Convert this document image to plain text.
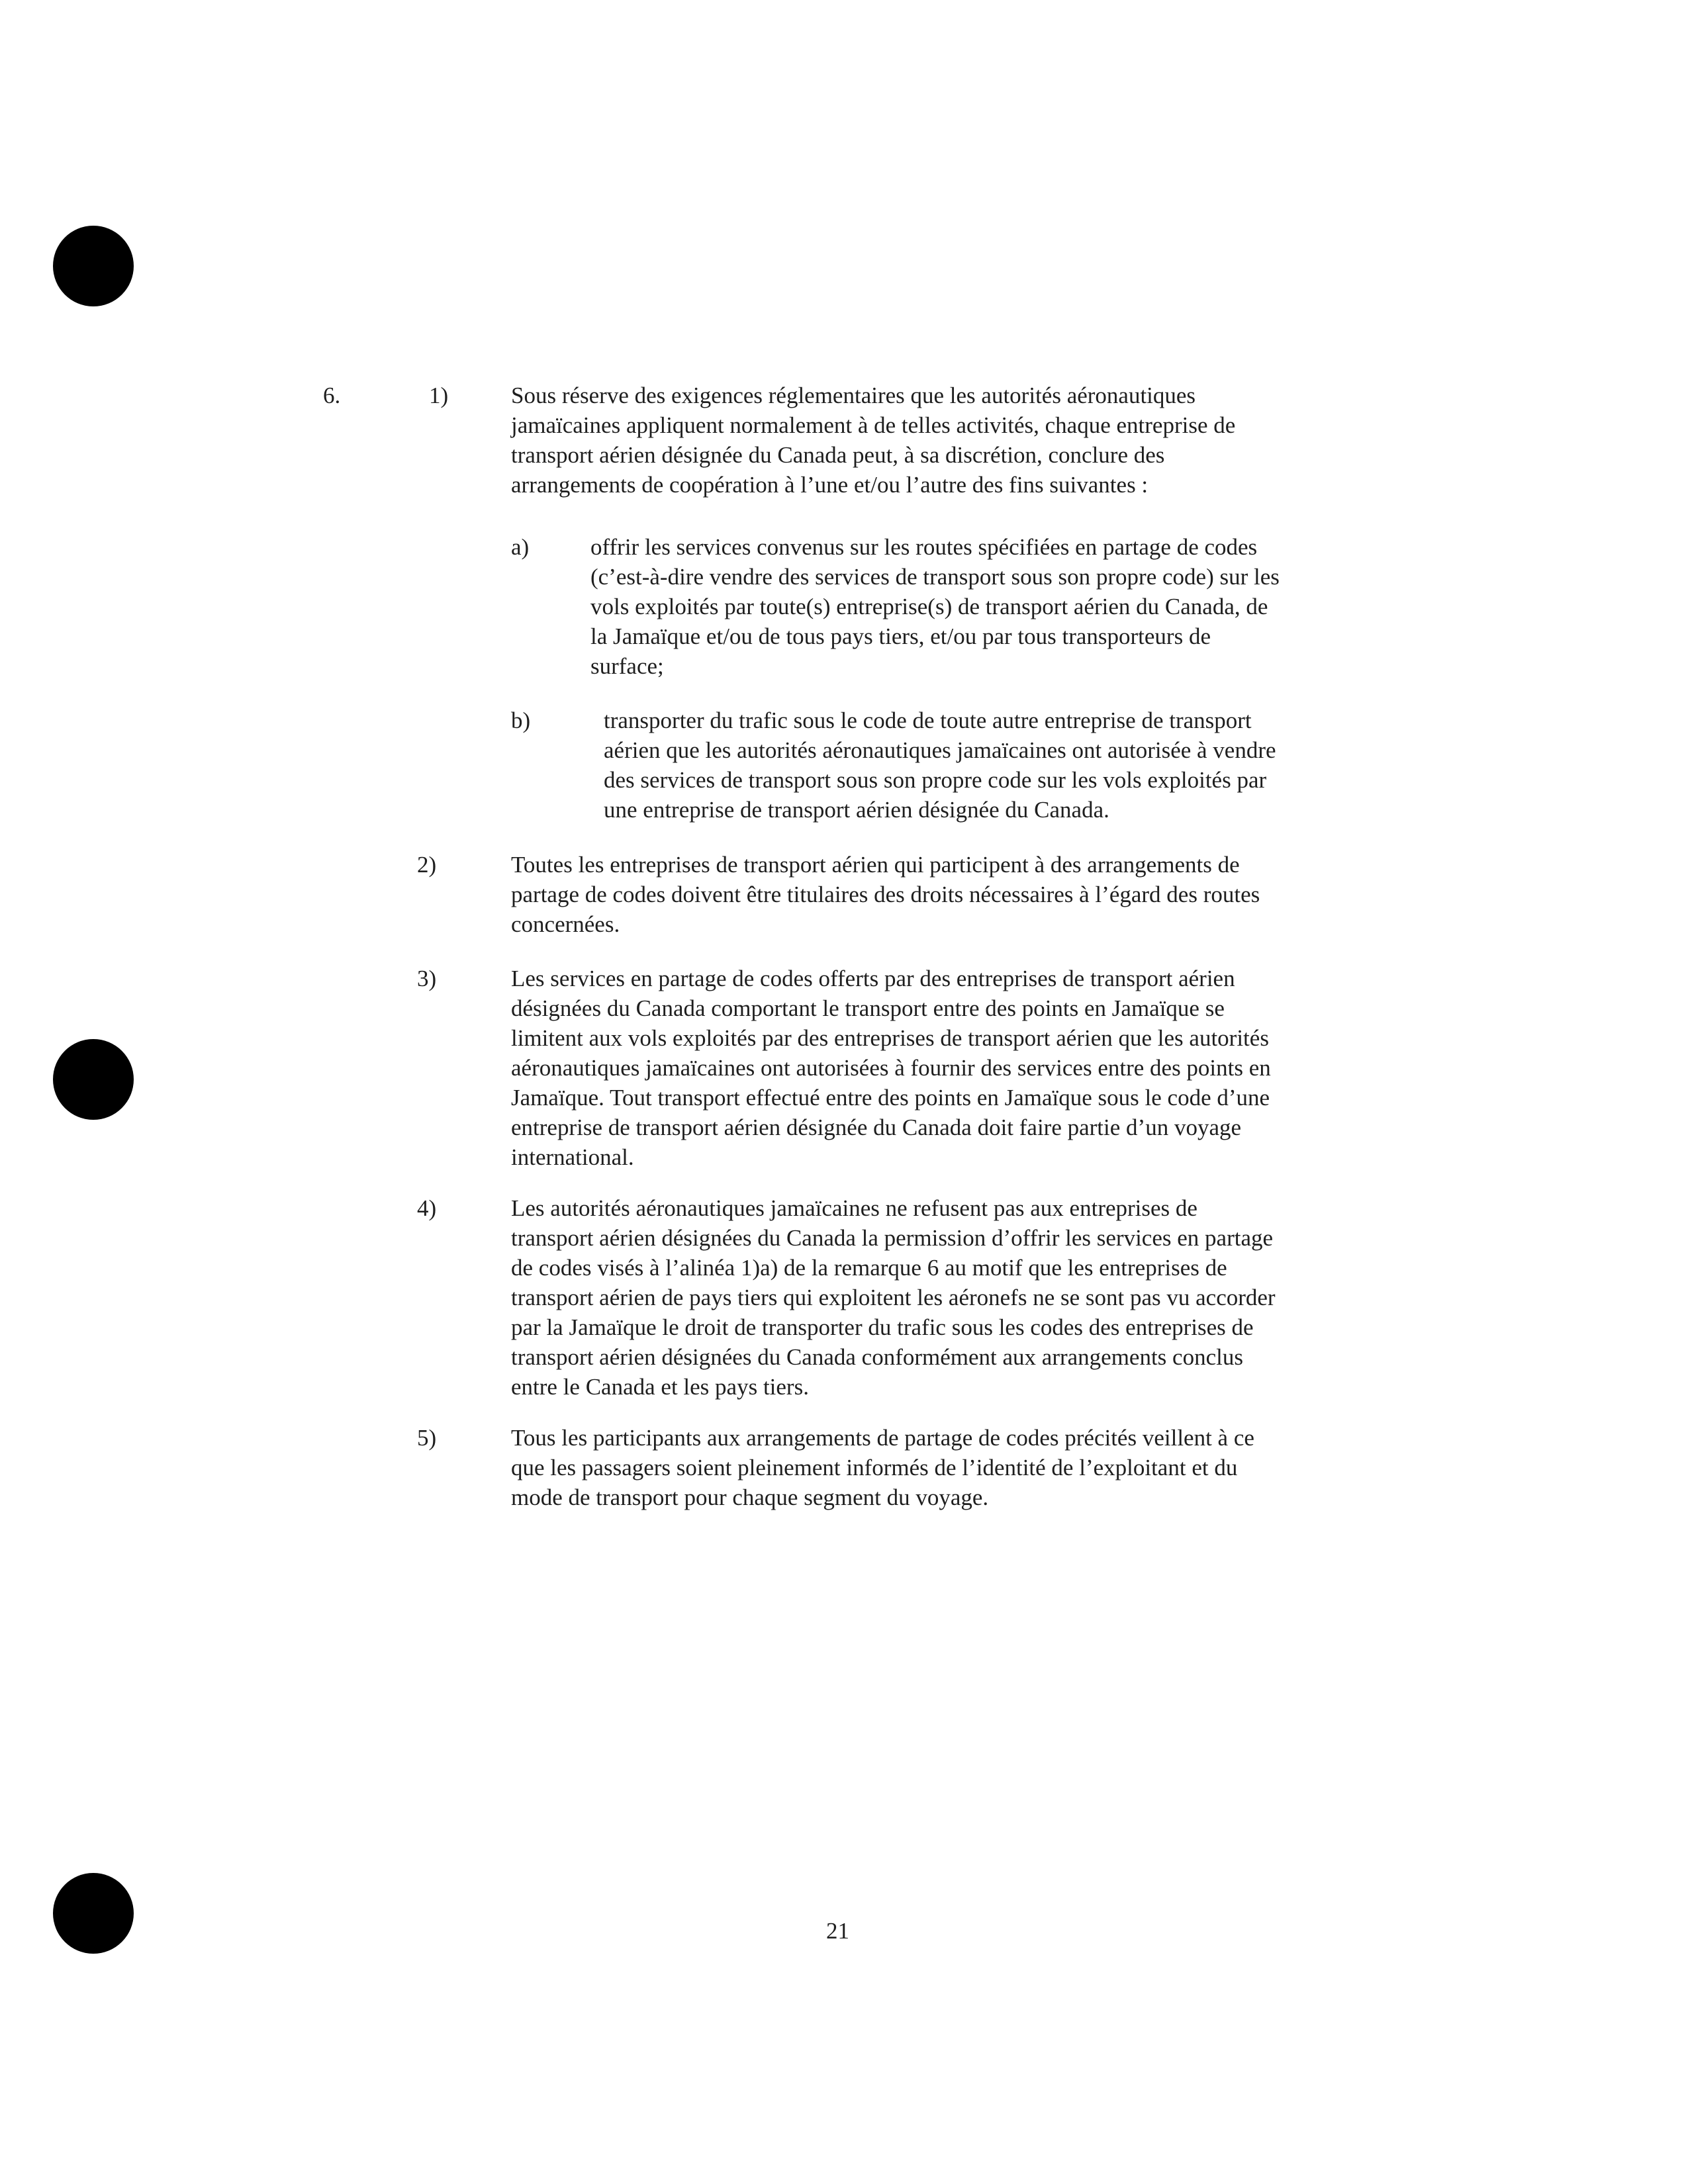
6.	1)	Sous réserve des exigences réglementaires que les autorités aéronautiques
jamaïcaines appliquent normalement à de telles activités, chaque entreprise de
transport aérien désignée du Canada peut, à sa discrétion, conclure des
arrangements de coopération à l’une et/ou l’autre des fins suivantes :
a)	offrir les services convenus sur les routes spécifiées en partage de codes
(c’est-à-dire vendre des services de transport sous son propre code) sur les
vols exploités par toute(s) entreprise(s) de transport aérien du Canada, de
la Jamaïque et/ou de tous pays tiers, et/ou par tous transporteurs de
surface;
b)	transporter du trafic sous le code de toute autre entreprise de transport
aérien que les autorités aéronautiques jamaïcaines ont autorisée à vendre
des services de transport sous son propre code sur les vols exploités par
une entreprise de transport aérien désignée du Canada.
2)	Toutes les entreprises de transport aérien qui participent à des arrangements de
partage de codes doivent être titulaires des droits nécessaires à l’égard des routes
concernées.
3)	Les services en partage de codes offerts par des entreprises de transport aérien
désignées du Canada comportant le transport entre des points en Jamaïque se
limitent aux vols exploités par des entreprises de transport aérien que les autorités
aéronautiques jamaïcaines ont autorisées à fournir des services entre des points en
Jamaïque. Tout transport effectué entre des points en Jamaïque sous le code d’une
entreprise de transport aérien désignée du Canada doit faire partie d’un voyage
international.
4)	Les autorités aéronautiques jamaïcaines ne refusent pas aux entreprises de
transport aérien désignées du Canada la permission d’offrir les services en partage
de codes visés à l’alinéa 1)a) de la remarque 6 au motif que les entreprises de
transport aérien de pays tiers qui exploitent les aéronefs ne se sont pas vu accorder
par la Jamaïque le droit de transporter du trafic sous les codes des entreprises de
transport aérien désignées du Canada conformément aux arrangements conclus
entre le Canada et les pays tiers.
5)	Tous les participants aux arrangements de partage de codes précités veillent à ce
que les passagers soient pleinement informés de l’identité de l’exploitant et du
mode de transport pour chaque segment du voyage.
21
